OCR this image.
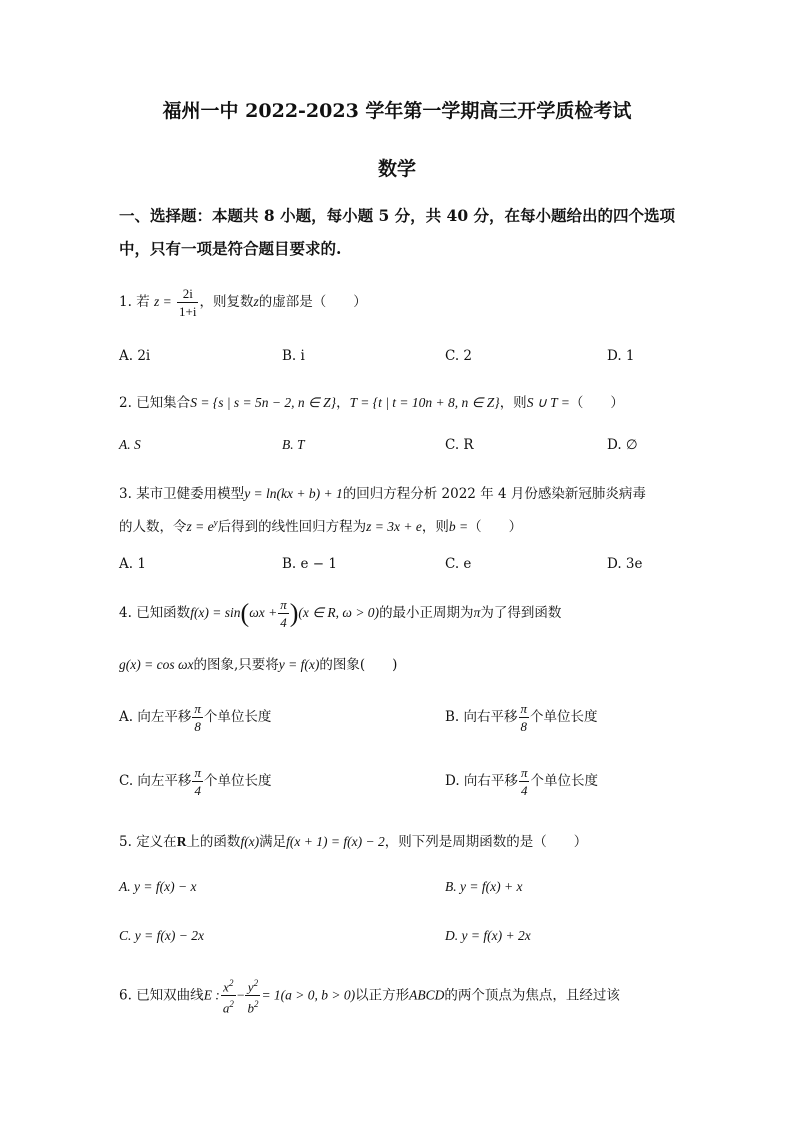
福州一中 2022-2023 学年第一学期高三开学质检考试
数学
一、选择题：本题共 8 小题，每小题 5 分，共 40 分，在每小题给出的四个选项
中，只有一项是符合题目要求的.
1. 若 $z = \frac{2i}{1+i}$ ，则复数z的虚部是（　　）
A. 2i	B. i	C. 2	D. 1
2. 已知集合S = {s | s = 5n − 2, n ∈ Z}，T = {t | t = 10n + 8, n ∈ Z}，则S ∪ T =（　　）
A. S	B. T	C. R	D. ∅
3. 某市卫健委用模型y = ln(kx + b) + 1的回归方程分析 2022 年 4 月份感染新冠肺炎病毒
的人数，令$z = e^y$后得到的线性回归方程为z = 3x + e，则b =（　　）
A. 1	B. e − 1	C. e	D. 3e
4. 已知函数$f(x) = \sin(\omega x + \frac{\pi}{4} )(x$ ∈ R, ω > 0)的最小正周期为π为了得到函数
g(x) = cos ωx的图象,只要将y = f(x)的图象(　　)
A. 向左平移 $\frac{\pi}{8}$ 个单位长度	B. 向右平移 $\frac{\pi}{8}$ 个单位长度
C. 向左平移 $\frac{\pi}{4}$ 个单位长度	D. 向右平移 $\frac{\pi}{4}$ 个单位长度
5. 定义在R上的函数f(x)满足f(x + 1) = f(x) − 2，则下列是周期函数的是（　　）
A. y = f(x) − x	B. y = f(x) + x
C. y = f(x) − 2x	D. y = f(x) + 2x
6. 已知双曲线E : $\frac{x^2}{a^2} - \frac{y^2}{b^2} = 1(a > 0$, b > 0)以正方形ABCD的两个顶点为焦点，且经过该
